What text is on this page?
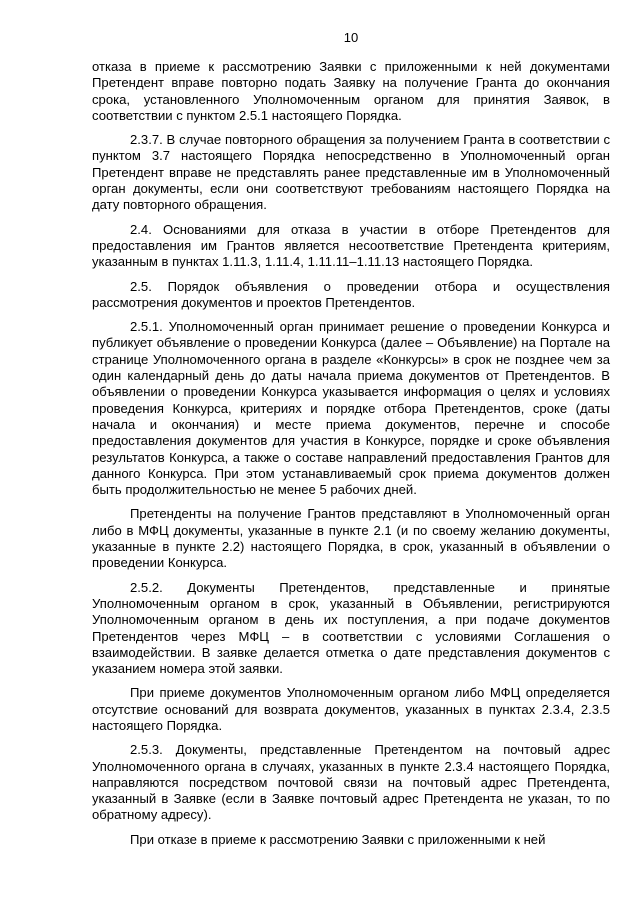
10

отказа в приеме к рассмотрению Заявки с приложенными к ней документами Претендент вправе повторно подать Заявку на получение Гранта до окончания срока, установленного Уполномоченным органом для принятия Заявок, в соответствии с пунктом 2.5.1 настоящего Порядка.

2.3.7. В случае повторного обращения за получением Гранта в соответствии с пунктом 3.7 настоящего Порядка непосредственно в Уполномоченный орган Претендент вправе не представлять ранее представленные им в Уполномоченный орган документы, если они соответствуют требованиям настоящего Порядка на дату повторного обращения.

2.4. Основаниями для отказа в участии в отборе Претендентов для предоставления им Грантов является несоответствие Претендента критериям, указанным в пунктах 1.11.3, 1.11.4, 1.11.11–1.11.13 настоящего Порядка.

2.5. Порядок объявления о проведении отбора и осуществления рассмотрения документов и проектов Претендентов.

2.5.1. Уполномоченный орган принимает решение о проведении Конкурса и публикует объявление о проведении Конкурса (далее – Объявление) на Портале на странице Уполномоченного органа в разделе «Конкурсы» в срок не позднее чем за один календарный день до даты начала приема документов от Претендентов. В объявлении о проведении Конкурса указывается информация о целях и условиях проведения Конкурса, критериях и порядке отбора Претендентов, сроке (даты начала и окончания) и месте приема документов, перечне и способе предоставления документов для участия в Конкурсе, порядке и сроке объявления результатов Конкурса, а также о составе направлений предоставления Грантов для данного Конкурса. При этом устанавливаемый срок приема документов должен быть продолжительностью не менее 5 рабочих дней.

Претенденты на получение Грантов представляют в Уполномоченный орган либо в МФЦ документы, указанные в пункте 2.1 (и по своему желанию документы, указанные в пункте 2.2) настоящего Порядка, в срок, указанный в объявлении о проведении Конкурса.

2.5.2. Документы Претендентов, представленные и принятые Уполномоченным органом в срок, указанный в Объявлении, регистрируются Уполномоченным органом в день их поступления, а при подаче документов Претендентов через МФЦ – в соответствии с условиями Соглашения о взаимодействии. В заявке делается отметка о дате представления документов с указанием номера этой заявки.

При приеме документов Уполномоченным органом либо МФЦ определяется отсутствие оснований для возврата документов, указанных в пунктах 2.3.4, 2.3.5 настоящего Порядка.

2.5.3. Документы, представленные Претендентом на почтовый адрес Уполномоченного органа в случаях, указанных в пункте 2.3.4 настоящего Порядка, направляются посредством почтовой связи на почтовый адрес Претендента, указанный в Заявке (если в Заявке почтовый адрес Претендента не указан, то по обратному адресу).

При отказе в приеме к рассмотрению Заявки с приложенными к ней
